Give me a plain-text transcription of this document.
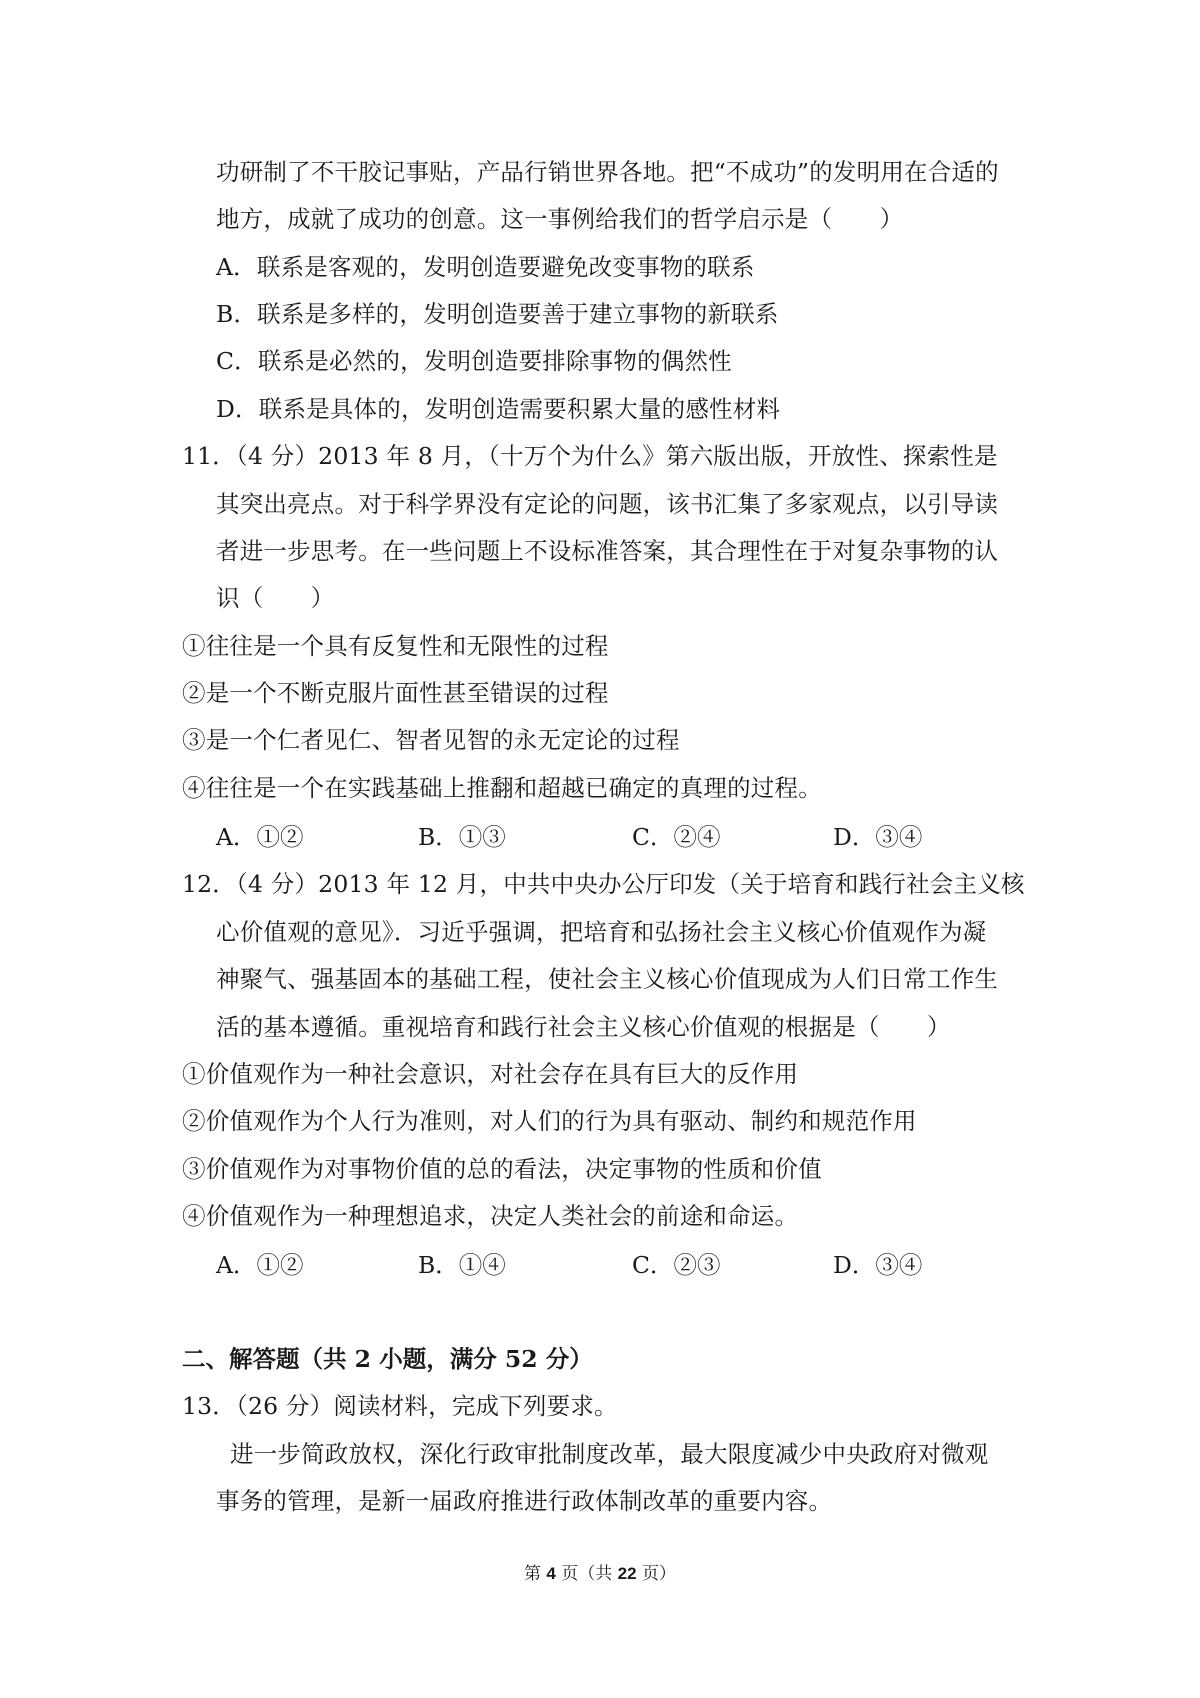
功研制了不干胶记事贴，产品行销世界各地。把“不成功”的发明用在合适的
地方，成就了成功的创意。这一事例给我们的哲学启示是（　　）
A．联系是客观的，发明创造要避免改变事物的联系
B．联系是多样的，发明创造要善于建立事物的新联系
C．联系是必然的，发明创造要排除事物的偶然性
D．联系是具体的，发明创造需要积累大量的感性材料
11．（4 分）2013 年 8 月，（十万个为什么》第六版出版，开放性、探索性是
其突出亮点。对于科学界没有定论的问题，该书汇集了多家观点，以引导读
者进一步思考。在一些问题上不设标准答案，其合理性在于对复杂事物的认
识（　　）
①往往是一个具有反复性和无限性的过程
②是一个不断克服片面性甚至错误的过程
③是一个仁者见仁、智者见智的永无定论的过程
④往往是一个在实践基础上推翻和超越已确定的真理的过程。
A．①②	B．①③	C．②④	D．③④
12．（4 分）2013 年 12 月，中共中央办公厅印发（关于培育和践行社会主义核
心价值观的意见》．习近乎强调，把培育和弘扬社会主义核心价值观作为凝
神聚气、强基固本的基础工程，使社会主义核心价值现成为人们日常工作生
活的基本遵循。重视培育和践行社会主义核心价值观的根据是（　　）
①价值观作为一种社会意识，对社会存在具有巨大的反作用
②价值观作为个人行为准则，对人们的行为具有驱动、制约和规范作用
③价值观作为对事物价值的总的看法，决定事物的性质和价值
④价值观作为一种理想追求，决定人类社会的前途和命运。
A．①②	B．①④	C．②③	D．③④
二、解答题（共 2 小题，满分 52 分）
13．（26 分）阅读材料，完成下列要求。
进一步简政放权，深化行政审批制度改革，最大限度减少中央政府对微观
事务的管理，是新一届政府推进行政体制改革的重要内容。
第 4 页（共 22 页）
